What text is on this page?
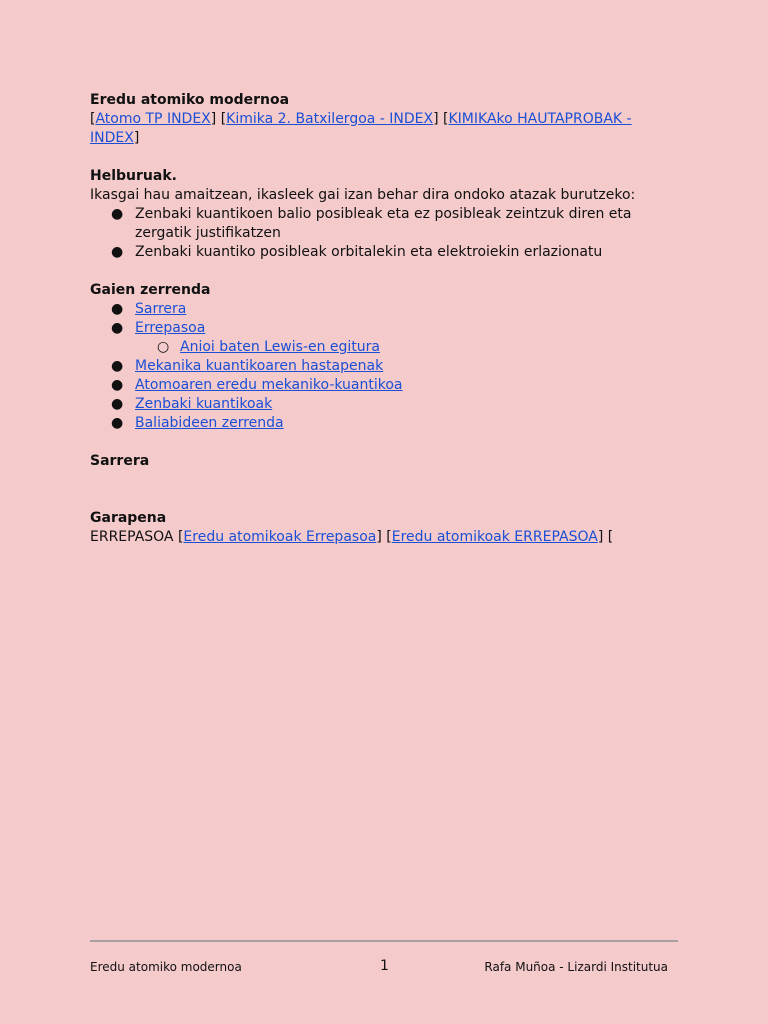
Eredu atomiko modernoa
[Atomo TP INDEX] [Kimika 2. Batxilergoa - INDEX] [KIMIKAko HAUTAPROBAK - INDEX]
Helburuak.
Ikasgai hau amaitzean, ikasleek gai izan behar dira ondoko atazak burutzeko:
● Zenbaki kuantikoen balio posibleak eta ez posibleak zeintzuk diren eta zergatik justifikatzen
● Zenbaki kuantiko posibleak orbitalekin eta elektroiekin erlazionatu
Gaien zerrenda
● Sarrera
● Errepasoa
○ Anioi baten Lewis-en egitura
● Mekanika kuantikoaren hastapenak
● Atomoaren eredu mekaniko-kuantikoa
● Zenbaki kuantikoak
● Baliabideen zerrenda
Sarrera
Garapena
ERREPASOA [Eredu atomikoak Errepasoa] [Eredu atomikoak ERREPASOA] [
Eredu atomiko modernoa	1	Rafa Muñoa - Lizardi Institutua
